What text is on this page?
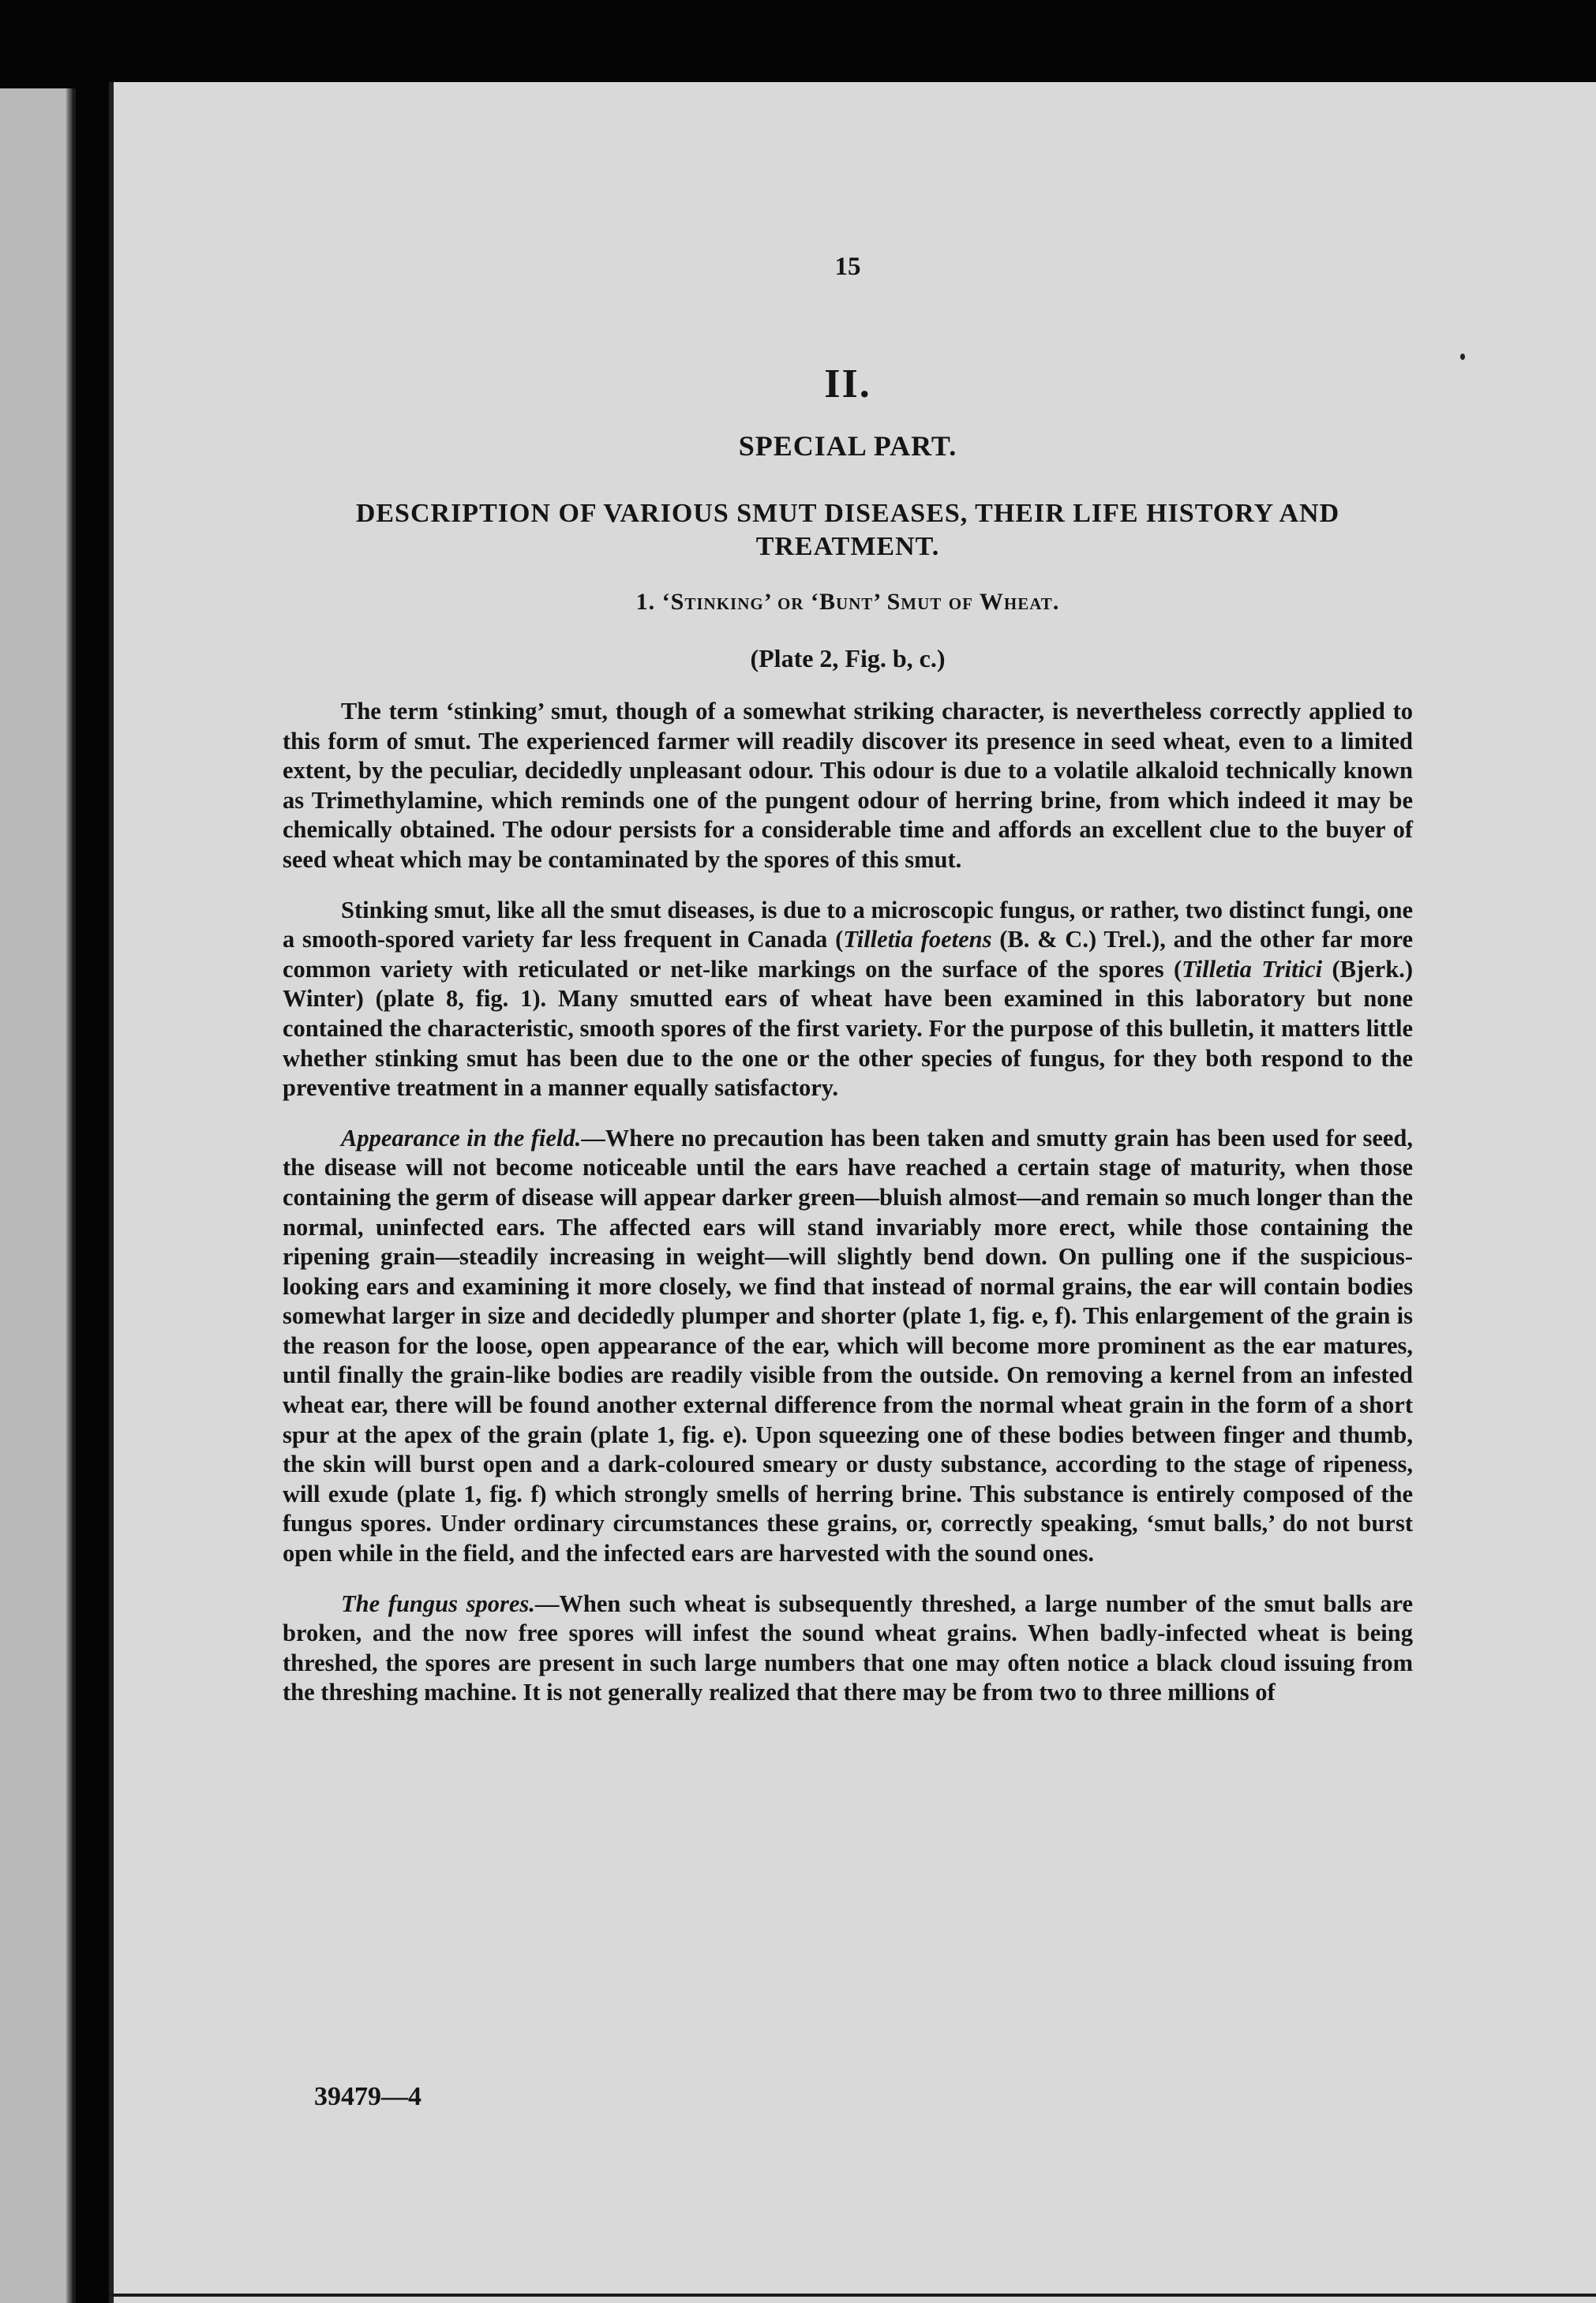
15
II.
SPECIAL PART.
DESCRIPTION OF VARIOUS SMUT DISEASES, THEIR LIFE HISTORY AND TREATMENT.
1. ‘Stinking’ or ‘Bunt’ Smut of Wheat.
(Plate 2, Fig. b, c.)

The term ‘stinking’ smut, though of a somewhat striking character, is nevertheless correctly applied to this form of smut. The experienced farmer will readily discover its presence in seed wheat, even to a limited extent, by the peculiar, decidedly unpleasant odour. This odour is due to a volatile alkaloid technically known as Trimethylamine, which reminds one of the pungent odour of herring brine, from which indeed it may be chemically obtained. The odour persists for a considerable time and affords an excellent clue to the buyer of seed wheat which may be contaminated by the spores of this smut.

Stinking smut, like all the smut diseases, is due to a microscopic fungus, or rather, two distinct fungi, one a smooth-spored variety far less frequent in Canada (Tilletia foetens (B. & C.) Trel.), and the other far more common variety with reticulated or net-like markings on the surface of the spores (Tilletia Tritici (Bjerk.) Winter) (plate 8, fig. 1). Many smutted ears of wheat have been examined in this laboratory but none contained the characteristic, smooth spores of the first variety. For the purpose of this bulletin, it matters little whether stinking smut has been due to the one or the other species of fungus, for they both respond to the preventive treatment in a manner equally satisfactory.

Appearance in the field.—Where no precaution has been taken and smutty grain has been used for seed, the disease will not become noticeable until the ears have reached a certain stage of maturity, when those containing the germ of disease will appear darker green—bluish almost—and remain so much longer than the normal, uninfected ears. The affected ears will stand invariably more erect, while those containing the ripening grain—steadily increasing in weight—will slightly bend down. On pulling one if the suspicious-looking ears and examining it more closely, we find that instead of normal grains, the ear will contain bodies somewhat larger in size and decidedly plumper and shorter (plate 1, fig. e, f). This enlargement of the grain is the reason for the loose, open appearance of the ear, which will become more prominent as the ear matures, until finally the grain-like bodies are readily visible from the outside. On removing a kernel from an infested wheat ear, there will be found another external difference from the normal wheat grain in the form of a short spur at the apex of the grain (plate 1, fig. e). Upon squeezing one of these bodies between finger and thumb, the skin will burst open and a dark-coloured smeary or dusty substance, according to the stage of ripeness, will exude (plate 1, fig. f) which strongly smells of herring brine. This substance is entirely composed of the fungus spores. Under ordinary circumstances these grains, or, correctly speaking, ‘smut balls,’ do not burst open while in the field, and the infected ears are harvested with the sound ones.

The fungus spores.—When such wheat is subsequently threshed, a large number of the smut balls are broken, and the now free spores will infest the sound wheat grains. When badly-infected wheat is being threshed, the spores are present in such large numbers that one may often notice a black cloud issuing from the threshing machine. It is not generally realized that there may be from two to three millions of

39479—4
